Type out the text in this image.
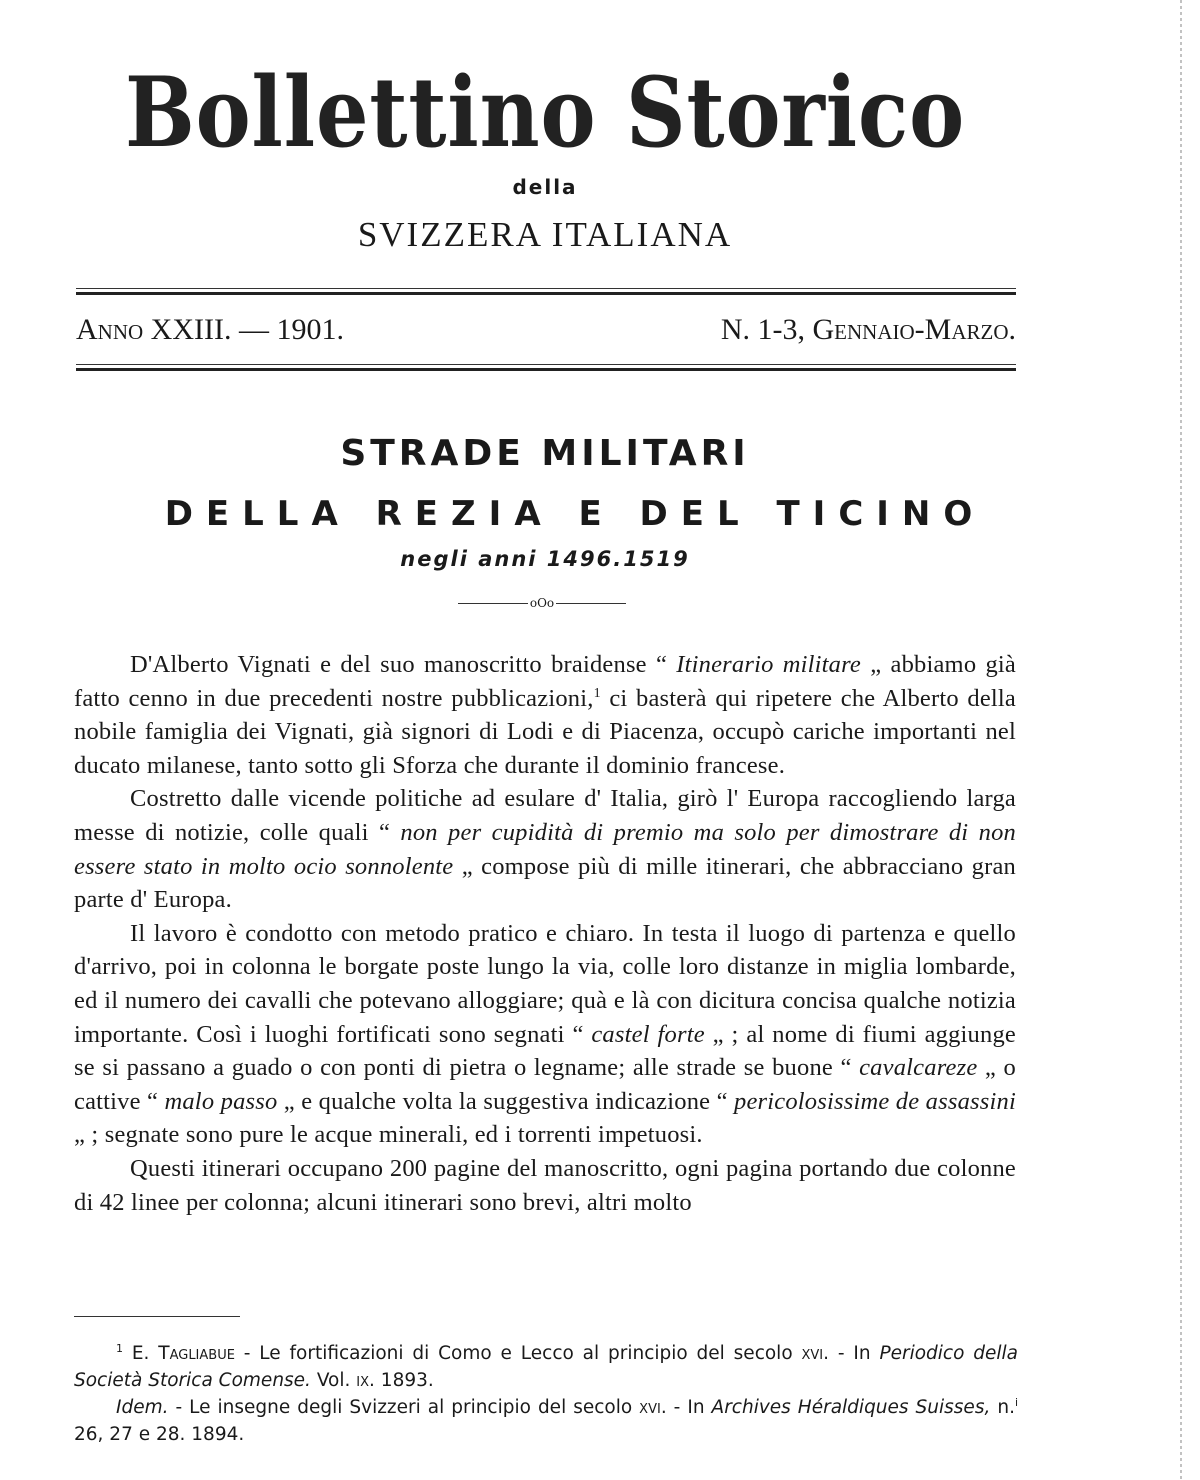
Bollettino Storico
della
SVIZZERA ITALIANA
Anno XXIII. — 1901.	N. 1-3, Gennaio-Marzo.
STRADE MILITARI
DELLA REZIA E DEL TICINO
negli anni 1496.1519
oOo

D'Alberto Vignati e del suo manoscritto braidense “ Itinerario militare „ abbiamo già fatto cenno in due precedenti nostre pubblicazioni,$^1$ ci basterà qui ripetere che Alberto della nobile famiglia dei Vignati, già signori di Lodi e di Piacenza, occupò cariche importanti nel ducato milanese, tanto sotto gli Sforza che durante il dominio francese.

Costretto dalle vicende politiche ad esulare d' Italia, girò l' Europa raccogliendo larga messe di notizie, colle quali “ non per cupidità di premio ma solo per dimostrare di non essere stato in molto ocio sonnolente „ compose più di mille itinerari, che abbracciano gran parte d' Europa.

Il lavoro è condotto con metodo pratico e chiaro. In testa il luogo di partenza e quello d'arrivo, poi in colonna le borgate poste lungo la via, colle loro distanze in miglia lombarde, ed il numero dei cavalli che potevano alloggiare; quà e là con dicitura concisa qualche notizia importante. Così i luoghi fortificati sono segnati “ castel forte „ ; al nome di fiumi aggiunge se si passano a guado o con ponti di pietra o legname; alle strade se buone “ cavalcareze „ o cattive “ malo passo „ e qualche volta la suggestiva indicazione “ pericolosissime de assassini „ ; segnate sono pure le acque minerali, ed i torrenti impetuosi.

Questi itinerari occupano 200 pagine del manoscritto, ogni pagina portando due colonne di 42 linee per colonna; alcuni itinerari sono brevi, altri molto

$^1$ E. Tagliabue - Le fortificazioni di Como e Lecco al principio del secolo xvi. - In Periodico della Società Storica Comense. Vol. ix. 1893.

Idem. - Le insegne degli Svizzeri al principio del secolo xvi. - In Archives Héraldiques Suisses, n.$^i$ 26, 27 e 28. 1894.
